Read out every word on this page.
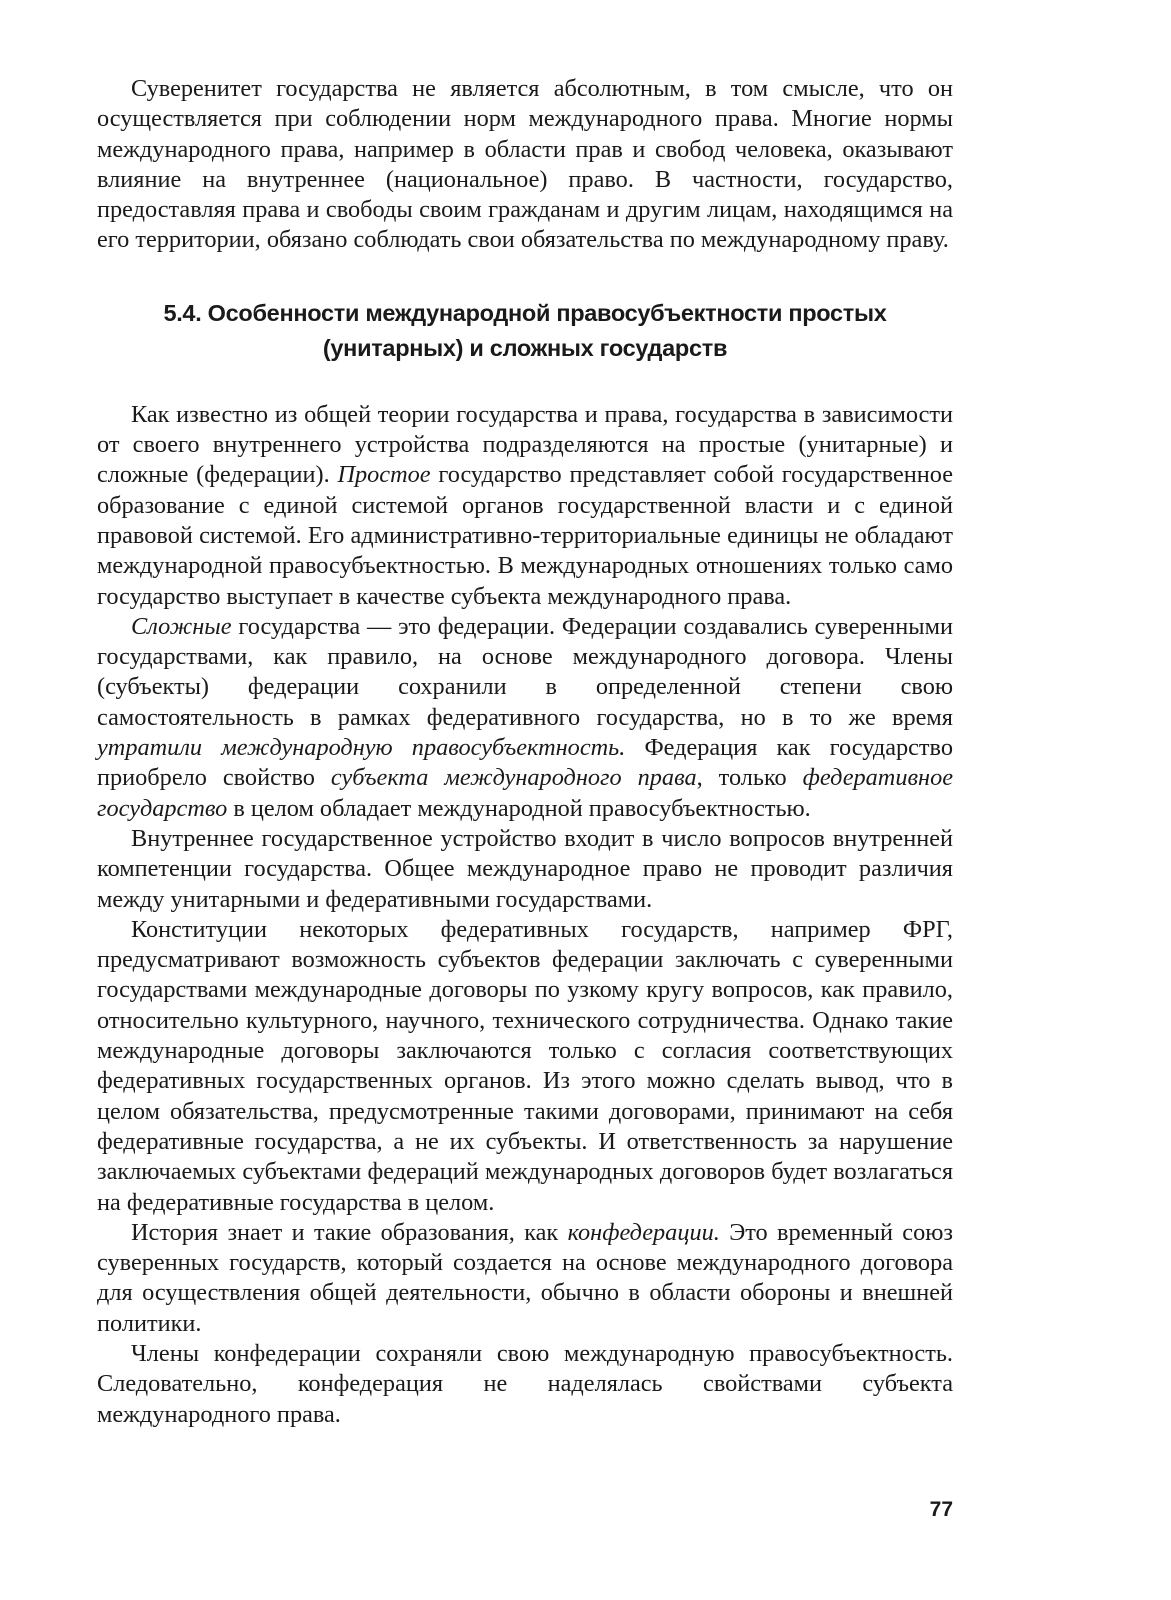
Суверенитет государства не является абсолютным, в том смысле, что он осуществляется при соблюдении норм международного права. Многие нормы международного права, например в области прав и свобод человека, оказывают влияние на внутреннее (национальное) право. В частности, государство, предоставляя права и свободы своим гражданам и другим лицам, находящимся на его территории, обязано соблюдать свои обязательства по международному праву.

5.4. Особенности международной правосубъектности простых
(унитарных) и сложных государств

Как известно из общей теории государства и права, государства в зависимости от своего внутреннего устройства подразделяются на простые (унитарные) и сложные (федерации). Простое государство представляет собой государственное образование с единой системой органов государственной власти и с единой правовой системой. Его административно-территориальные единицы не обладают международной правосубъектностью. В международных отношениях только само государство выступает в качестве субъекта международного права.

Сложные государства — это федерации. Федерации создавались суверенными государствами, как правило, на основе международного договора. Члены (субъекты) федерации сохранили в определенной степени свою самостоятельность в рамках федеративного государства, но в то же время утратили международную правосубъектность. Федерация как государство приобрело свойство субъекта международного права, только федеративное государство в целом обладает международной правосубъектностью.

Внутреннее государственное устройство входит в число вопросов внутренней компетенции государства. Общее международное право не проводит различия между унитарными и федеративными государствами.

Конституции некоторых федеративных государств, например ФРГ, предусматривают возможность субъектов федерации заключать с суверенными государствами международные договоры по узкому кругу вопросов, как правило, относительно культурного, научного, технического сотрудничества. Однако такие международные договоры заключаются только с согласия соответствующих федеративных государственных органов. Из этого можно сделать вывод, что в целом обязательства, предусмотренные такими договорами, принимают на себя федеративные государства, а не их субъекты. И ответственность за нарушение заключаемых субъектами федераций международных договоров будет возлагаться на федеративные государства в целом.

История знает и такие образования, как конфедерации. Это временный союз суверенных государств, который создается на основе международного договора для осуществления общей деятельности, обычно в области обороны и внешней политики.

Члены конфедерации сохраняли свою международную правосубъектность. Следовательно, конфедерация не наделялась свойствами субъекта международного права.

77
